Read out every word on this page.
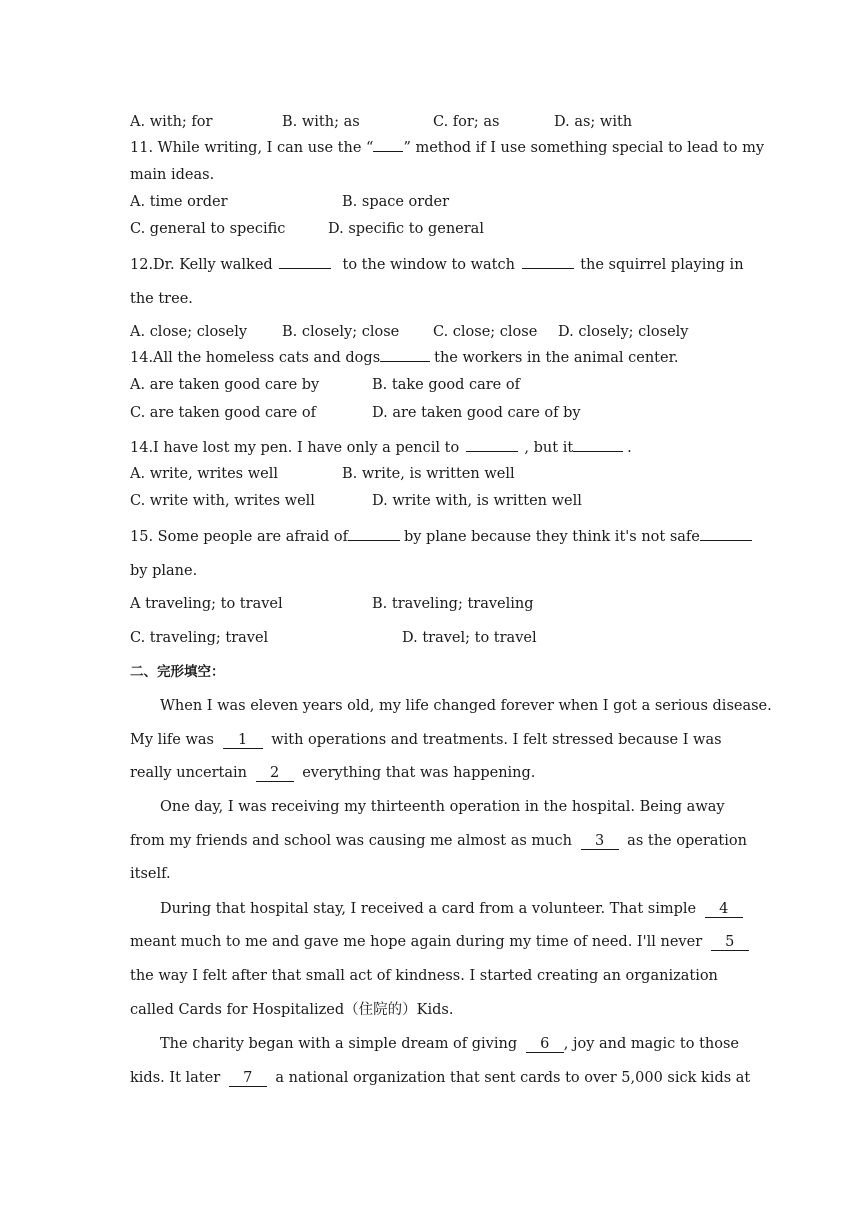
A. with; for	B. with; as	C. for; as	D. as; with
11. While writing, I can use the “ ” method if I use something special to lead to my
main ideas.
A. time order	B. space order
C. general to specific	D. specific to general
12.Dr. Kelly walked	to the window to watch	the squirrel playing in
the tree.
A. close; closely B. closely; close C. close; close D. closely; closely
14.All the homeless cats and dogs	the workers in the animal center.
A. are taken good care by	B. take good care of
C. are taken good care of	D. are taken good care of by
14.I have lost my pen. I have only a pencil to	, but it	.
A. write, writes well	B. write, is written well
C. write with, writes well	D. write with, is written well
15. Some people are afraid of	by plane because they think it's not safe
by plane.
A traveling; to travel	B. traveling; traveling
C. traveling; travel	D. travel; to travel
二、完形填空：
When I was eleven years old, my life changed forever when I got a serious disease.
My life was 1 with operations and treatments. I felt stressed because I was
really uncertain 2 everything that was happening.
One day, I was receiving my thirteenth operation in the hospital. Being away
from my friends and school was causing me almost as much 3 as the operation
itself.
During that hospital stay, I received a card from a volunteer. That simple 4
meant much to me and gave me hope again during my time of need. I'll never 5
the way I felt after that small act of kindness. I started creating an organization
called Cards for Hospitalized（住院的）Kids.
The charity began with a simple dream of giving 6 , joy and magic to those
kids. It later 7 a national organization that sent cards to over 5,000 sick kids at
